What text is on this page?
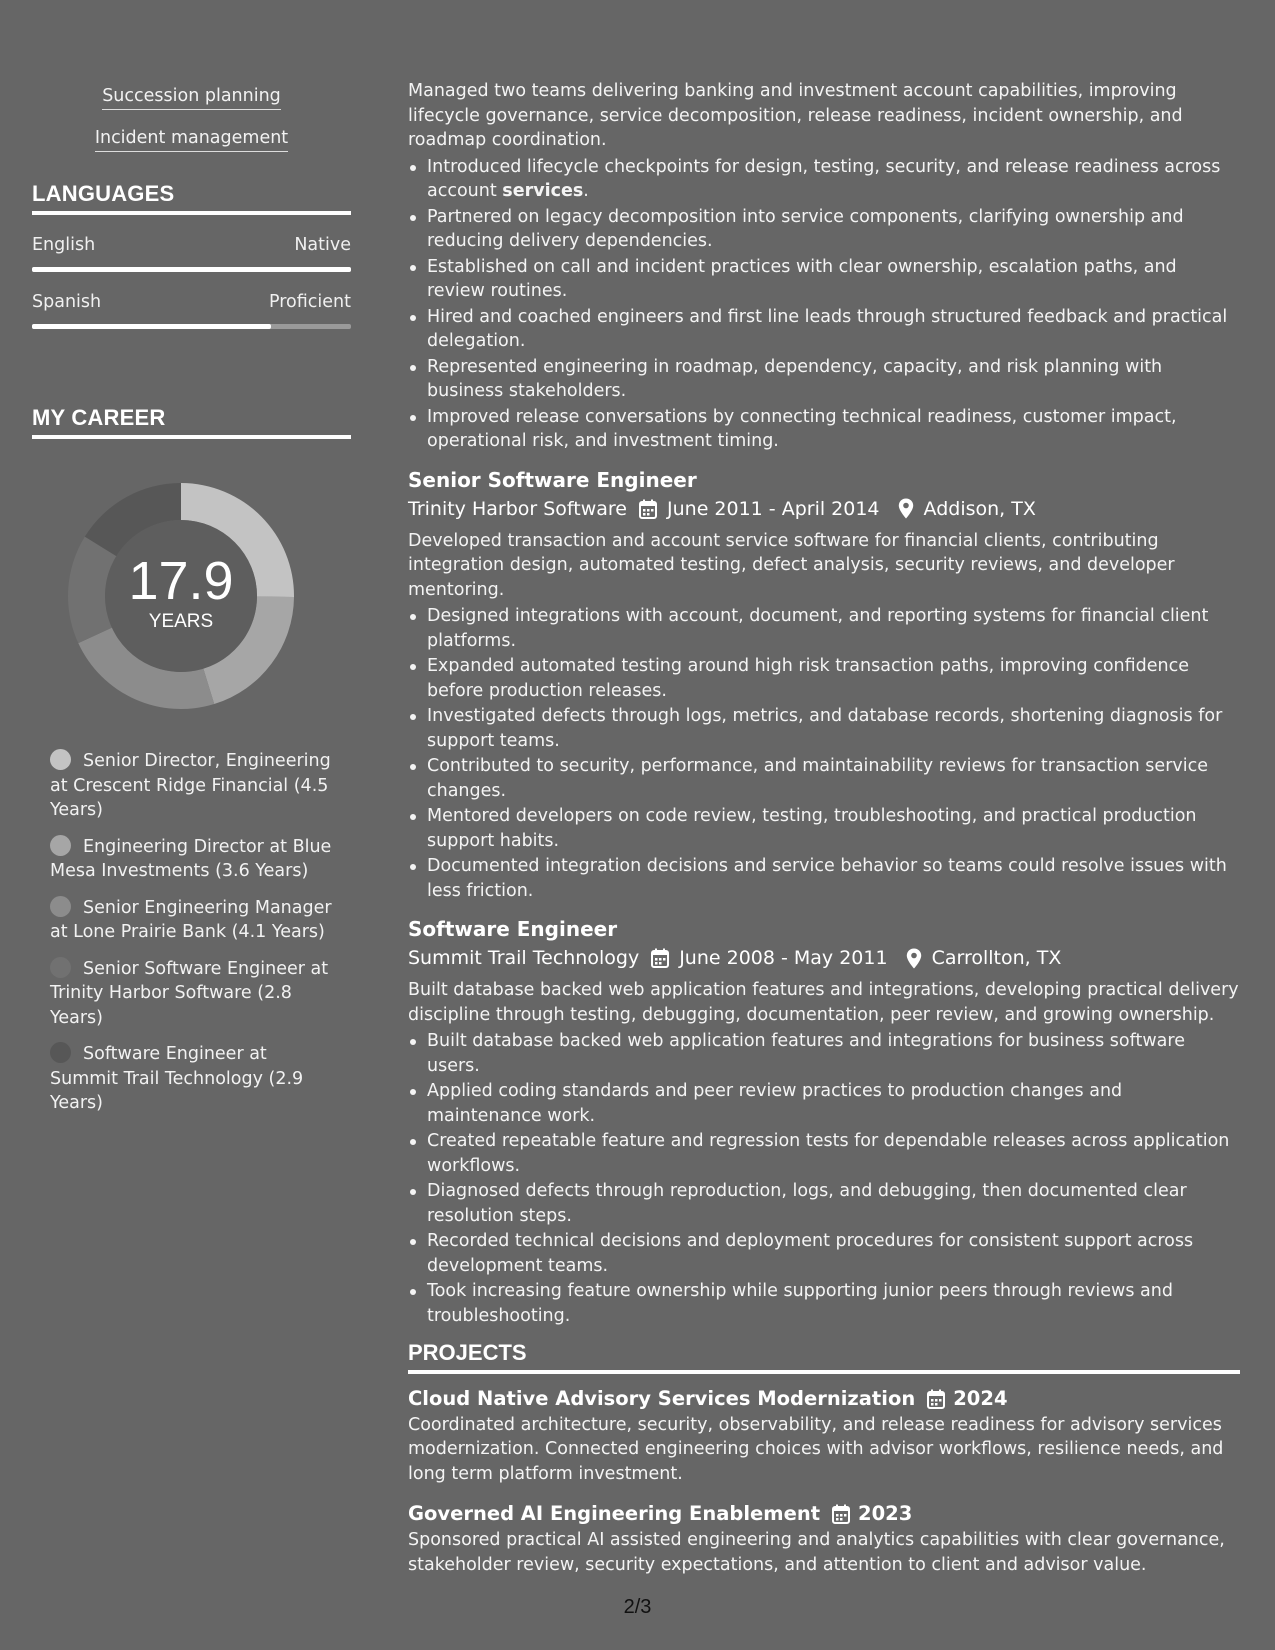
Succession planning
Incident management
LANGUAGES
English	Native
Spanish	Proficient
MY CAREER
17.9
YEARS
Senior Director, Engineering at Crescent Ridge Financial (4.5 Years)
Engineering Director at Blue Mesa Investments (3.6 Years)
Senior Engineering Manager at Lone Prairie Bank (4.1 Years)
Senior Software Engineer at Trinity Harbor Software (2.8 Years)
Software Engineer at Summit Trail Technology (2.9 Years)

Managed two teams delivering banking and investment account capabilities, improving lifecycle governance, service decomposition, release readiness, incident ownership, and roadmap coordination.

Introduced lifecycle checkpoints for design, testing, security, and release readiness across account services.
Partnered on legacy decomposition into service components, clarifying ownership and reducing delivery dependencies.
Established on call and incident practices with clear ownership, escalation paths, and review routines.
Hired and coached engineers and first line leads through structured feedback and practical delegation.
Represented engineering in roadmap, dependency, capacity, and risk planning with business stakeholders.
Improved release conversations by connecting technical readiness, customer impact, operational risk, and investment timing.
Senior Software Engineer
Trinity Harbor Software June 2011 - April 2014 Addison, TX

Developed transaction and account service software for financial clients, contributing integration design, automated testing, defect analysis, security reviews, and developer mentoring.

Designed integrations with account, document, and reporting systems for financial client platforms.
Expanded automated testing around high risk transaction paths, improving confidence before production releases.
Investigated defects through logs, metrics, and database records, shortening diagnosis for support teams.
Contributed to security, performance, and maintainability reviews for transaction service changes.
Mentored developers on code review, testing, troubleshooting, and practical production support habits.
Documented integration decisions and service behavior so teams could resolve issues with less friction.
Software Engineer
Summit Trail Technology June 2008 - May 2011 Carrollton, TX

Built database backed web application features and integrations, developing practical delivery discipline through testing, debugging, documentation, peer review, and growing ownership.

Built database backed web application features and integrations for business software users.
Applied coding standards and peer review practices to production changes and maintenance work.
Created repeatable feature and regression tests for dependable releases across application workflows.
Diagnosed defects through reproduction, logs, and debugging, then documented clear resolution steps.
Recorded technical decisions and deployment procedures for consistent support across development teams.
Took increasing feature ownership while supporting junior peers through reviews and troubleshooting.
PROJECTS
Cloud Native Advisory Services Modernization 2024

Coordinated architecture, security, observability, and release readiness for advisory services modernization. Connected engineering choices with advisor workflows, resilience needs, and long term platform investment.

Governed AI Engineering Enablement 2023

Sponsored practical AI assisted engineering and analytics capabilities with clear governance, stakeholder review, security expectations, and attention to client and advisor value.

2/3
